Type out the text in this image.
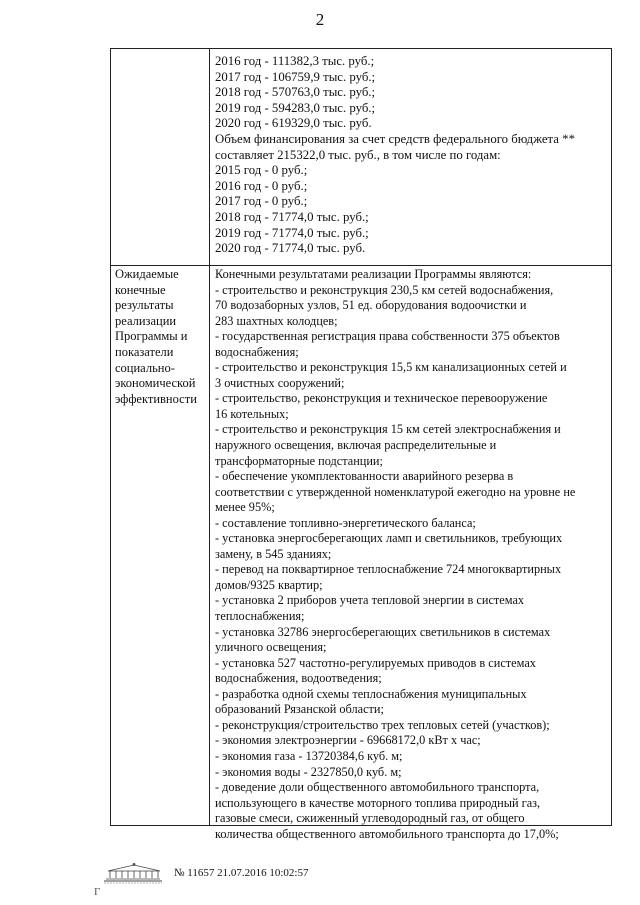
2
2016 год - 111382,3 тыс. руб.;
2017 год - 106759,9 тыс. руб.;
2018 год - 570763,0 тыс. руб.;
2019 год - 594283,0 тыс. руб.;
2020 год - 619329,0 тыс. руб.
Объем финансирования за счет средств федерального бюджета **
составляет 215322,0 тыс. руб., в том числе по годам:
2015 год - 0 руб.;
2016 год - 0 руб.;
2017 год - 0 руб.;
2018 год - 71774,0 тыс. руб.;
2019 год - 71774,0 тыс. руб.;
2020 год - 71774,0 тыс. руб.
Ожидаемые
конечные
результаты
реализации
Программы и
показатели
социально-
экономической
эффективности
Конечными результатами реализации Программы являются:
- строительство и реконструкция 230,5 км сетей водоснабжения,
70 водозаборных узлов, 51 ед. оборудования водоочистки и
283 шахтных колодцев;
- государственная регистрация права собственности 375 объектов
водоснабжения;
- строительство и реконструкция 15,5 км канализационных сетей и
3 очистных сооружений;
- строительство, реконструкция и техническое перевооружение
16 котельных;
- строительство и реконструкция 15 км сетей электроснабжения и
наружного освещения, включая распределительные и
трансформаторные подстанции;
- обеспечение укомплектованности аварийного резерва в
соответствии с утвержденной номенклатурой ежегодно на уровне не
менее 95%;
- составление топливно-энергетического баланса;
- установка энергосберегающих ламп и светильников, требующих
замену, в 545 зданиях;
- перевод на поквартирное теплоснабжение 724 многоквартирных
домов/9325 квартир;
- установка 2 приборов учета тепловой энергии в системах
теплоснабжения;
- установка 32786 энергосберегающих светильников в системах
уличного освещения;
- установка 527 частотно-регулируемых приводов в системах
водоснабжения, водоотведения;
- разработка одной схемы теплоснабжения муниципальных
образований Рязанской области;
- реконструкция/строительство трех тепловых сетей (участков);
- экономия электроэнергии - 69668172,0 кВт х час;
- экономия газа - 13720384,6 куб. м;
- экономия воды - 2327850,0 куб. м;
- доведение доли общественного автомобильного транспорта,
использующего в качестве моторного топлива природный газ,
газовые смеси, сжиженный углеводородный газ, от общего
количества общественного автомобильного транспорта до 17,0%;
№ 11657 21.07.2016 10:02:57
Г
